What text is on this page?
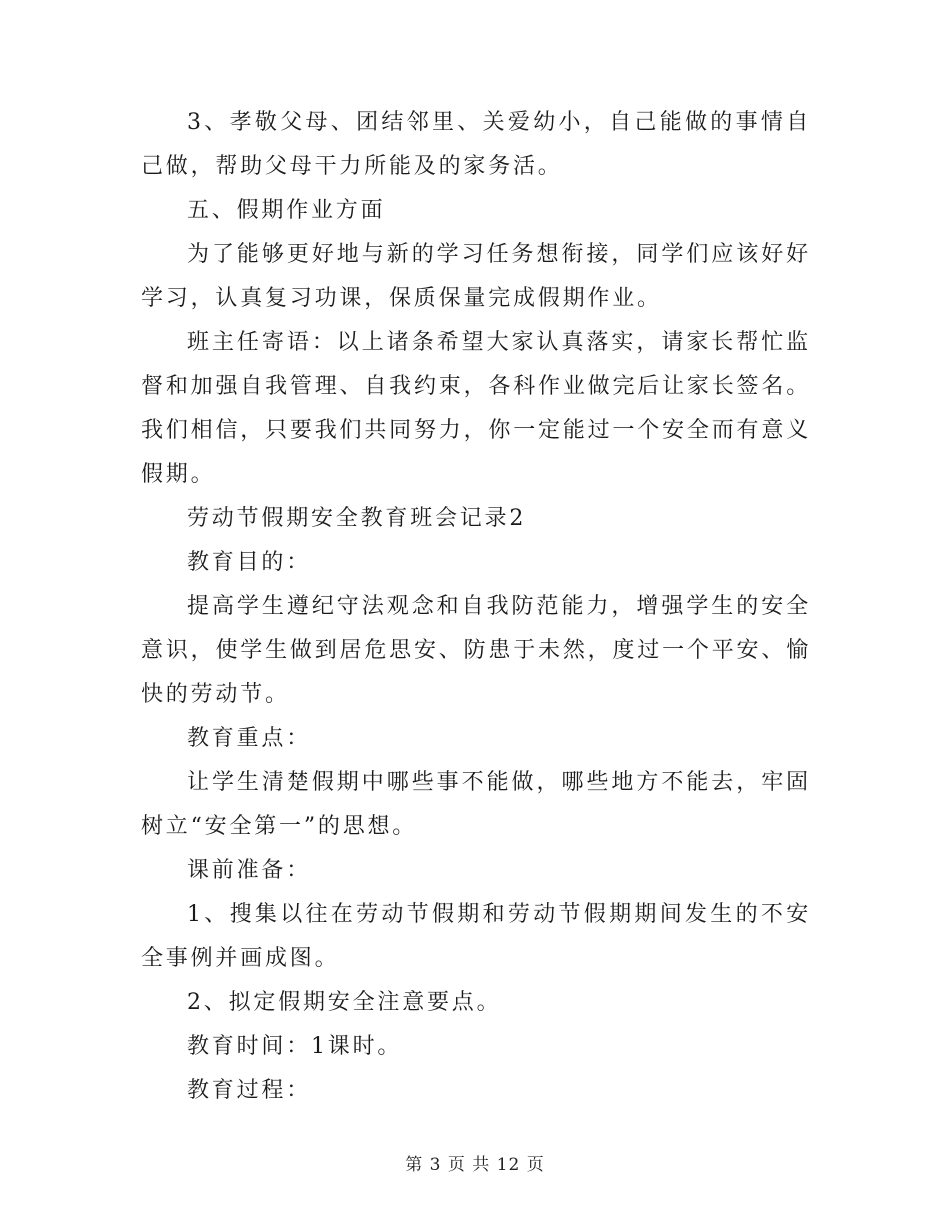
3、孝敬父母、团结邻里、关爱幼小，自己能做的事情自己做，帮助父母干力所能及的家务活。

五、假期作业方面

为了能够更好地与新的学习任务想衔接，同学们应该好好学习，认真复习功课，保质保量完成假期作业。

班主任寄语：以上诸条希望大家认真落实，请家长帮忙监督和加强自我管理、自我约束，各科作业做完后让家长签名。我们相信，只要我们共同努力，你一定能过一个安全而有意义假期。

劳动节假期安全教育班会记录2

教育目的：

提高学生遵纪守法观念和自我防范能力，增强学生的安全意识，使学生做到居危思安、防患于未然，度过一个平安、愉快的劳动节。

教育重点：

让学生清楚假期中哪些事不能做，哪些地方不能去，牢固树立“安全第一”的思想。

课前准备：

1、搜集以往在劳动节假期和劳动节假期期间发生的不安全事例并画成图。

2、拟定假期安全注意要点。

教育时间：1课时。

教育过程：

第 3 页 共 12 页
